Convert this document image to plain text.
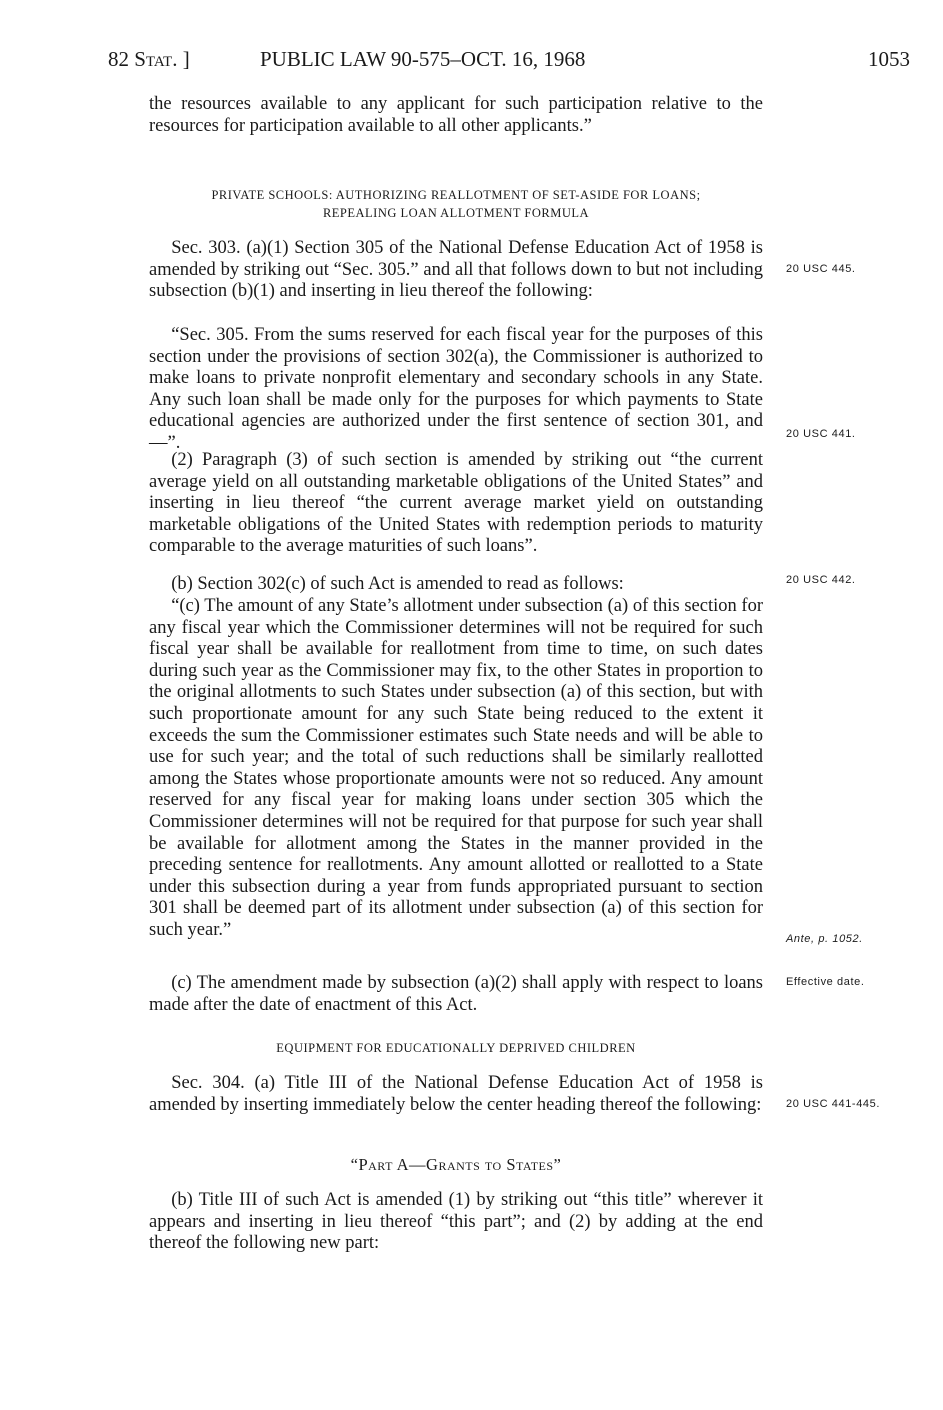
82 Stat. ]	PUBLIC LAW 90-575–OCT. 16, 1968	1053

the resources available to any applicant for such participation relative to the resources for participation available to all other applicants.”

PRIVATE SCHOOLS: AUTHORIZING REALLOTMENT OF SET-ASIDE FOR LOANS;
REPEALING LOAN ALLOTMENT FORMULA

Sec. 303. (a)(1) Section 305 of the National Defense Education Act of 1958 is amended by striking out “Sec. 305.” and all that follows down to but not including subsection (b)(1) and inserting in lieu thereof the following:

“Sec. 305. From the sums reserved for each fiscal year for the purposes of this section under the provisions of section 302(a), the Commissioner is authorized to make loans to private nonprofit elementary and secondary schools in any State. Any such loan shall be made only for the purposes for which payments to State educational agencies are authorized under the first sentence of section 301, and—”.

(2) Paragraph (3) of such section is amended by striking out “the current average yield on all outstanding marketable obligations of the United States” and inserting in lieu thereof “the current average market yield on outstanding marketable obligations of the United States with redemption periods to maturity comparable to the average maturities of such loans”.

(b) Section 302(c) of such Act is amended to read as follows:

“(c) The amount of any State’s allotment under subsection (a) of this section for any fiscal year which the Commissioner determines will not be required for such fiscal year shall be available for reallotment from time to time, on such dates during such year as the Commissioner may fix, to the other States in proportion to the original allotments to such States under subsection (a) of this section, but with such proportionate amount for any such State being reduced to the extent it exceeds the sum the Commissioner estimates such State needs and will be able to use for such year; and the total of such reductions shall be similarly reallotted among the States whose proportionate amounts were not so reduced. Any amount reserved for any fiscal year for making loans under section 305 which the Commissioner determines will not be required for that purpose for such year shall be available for allotment among the States in the manner provided in the preceding sentence for reallotments. Any amount allotted or reallotted to a State under this subsection during a year from funds appropriated pursuant to section 301 shall be deemed part of its allotment under subsection (a) of this section for such year.”

(c) The amendment made by subsection (a)(2) shall apply with respect to loans made after the date of enactment of this Act.

EQUIPMENT FOR EDUCATIONALLY DEPRIVED CHILDREN

Sec. 304. (a) Title III of the National Defense Education Act of 1958 is amended by inserting immediately below the center heading thereof the following:

“Part A—Grants to States”

(b) Title III of such Act is amended (1) by striking out “this title” wherever it appears and inserting in lieu thereof “this part”; and (2) by adding at the end thereof the following new part:

20 USC 445.
20 USC 441.
20 USC 442.
Ante, p. 1052.
Effective date.
20 USC 441-445.
